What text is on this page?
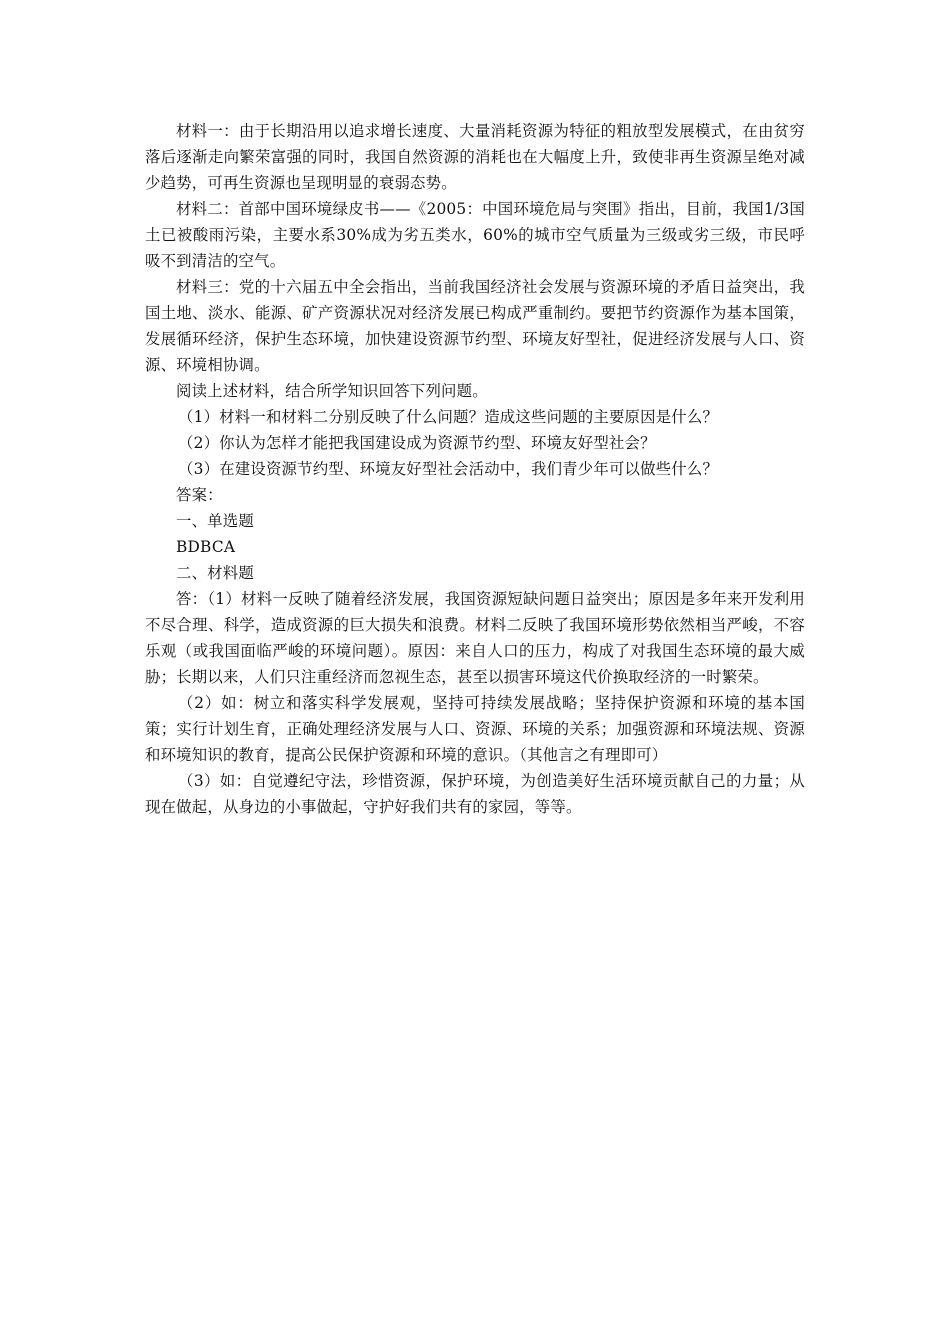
材料一：由于长期沿用以追求增长速度、大量消耗资源为特征的粗放型发展模式，在由贫穷落后逐渐走向繁荣富强的同时，我国自然资源的消耗也在大幅度上升，致使非再生资源呈绝对减少趋势，可再生资源也呈现明显的衰弱态势。

材料二：首部中国环境绿皮书——《2005：中国环境危局与突围》指出，目前，我国1/3国土已被酸雨污染，主要水系30%成为劣五类水，60%的城市空气质量为三级或劣三级，市民呼吸不到清洁的空气。

材料三：党的十六届五中全会指出，当前我国经济社会发展与资源环境的矛盾日益突出，我国土地、淡水、能源、矿产资源状况对经济发展已构成严重制约。要把节约资源作为基本国策，发展循环经济，保护生态环境，加快建设资源节约型、环境友好型社，促进经济发展与人口、资源、环境相协调。

阅读上述材料，结合所学知识回答下列问题。

（1）材料一和材料二分别反映了什么问题？造成这些问题的主要原因是什么？

（2）你认为怎样才能把我国建设成为资源节约型、环境友好型社会？

（3）在建设资源节约型、环境友好型社会活动中，我们青少年可以做些什么？

答案：

一、单选题

BDBCA

二、材料题

答：（1）材料一反映了随着经济发展，我国资源短缺问题日益突出；原因是多年来开发利用不尽合理、科学，造成资源的巨大损失和浪费。材料二反映了我国环境形势依然相当严峻，不容乐观（或我国面临严峻的环境问题）。原因：来自人口的压力，构成了对我国生态环境的最大威胁；长期以来，人们只注重经济而忽视生态，甚至以损害环境这代价换取经济的一时繁荣。

（2）如：树立和落实科学发展观，坚持可持续发展战略；坚持保护资源和环境的基本国策；实行计划生育，正确处理经济发展与人口、资源、环境的关系；加强资源和环境法规、资源和环境知识的教育，提高公民保护资源和环境的意识。（其他言之有理即可）

（3）如：自觉遵纪守法，珍惜资源，保护环境，为创造美好生活环境贡献自己的力量；从现在做起，从身边的小事做起，守护好我们共有的家园，等等。
